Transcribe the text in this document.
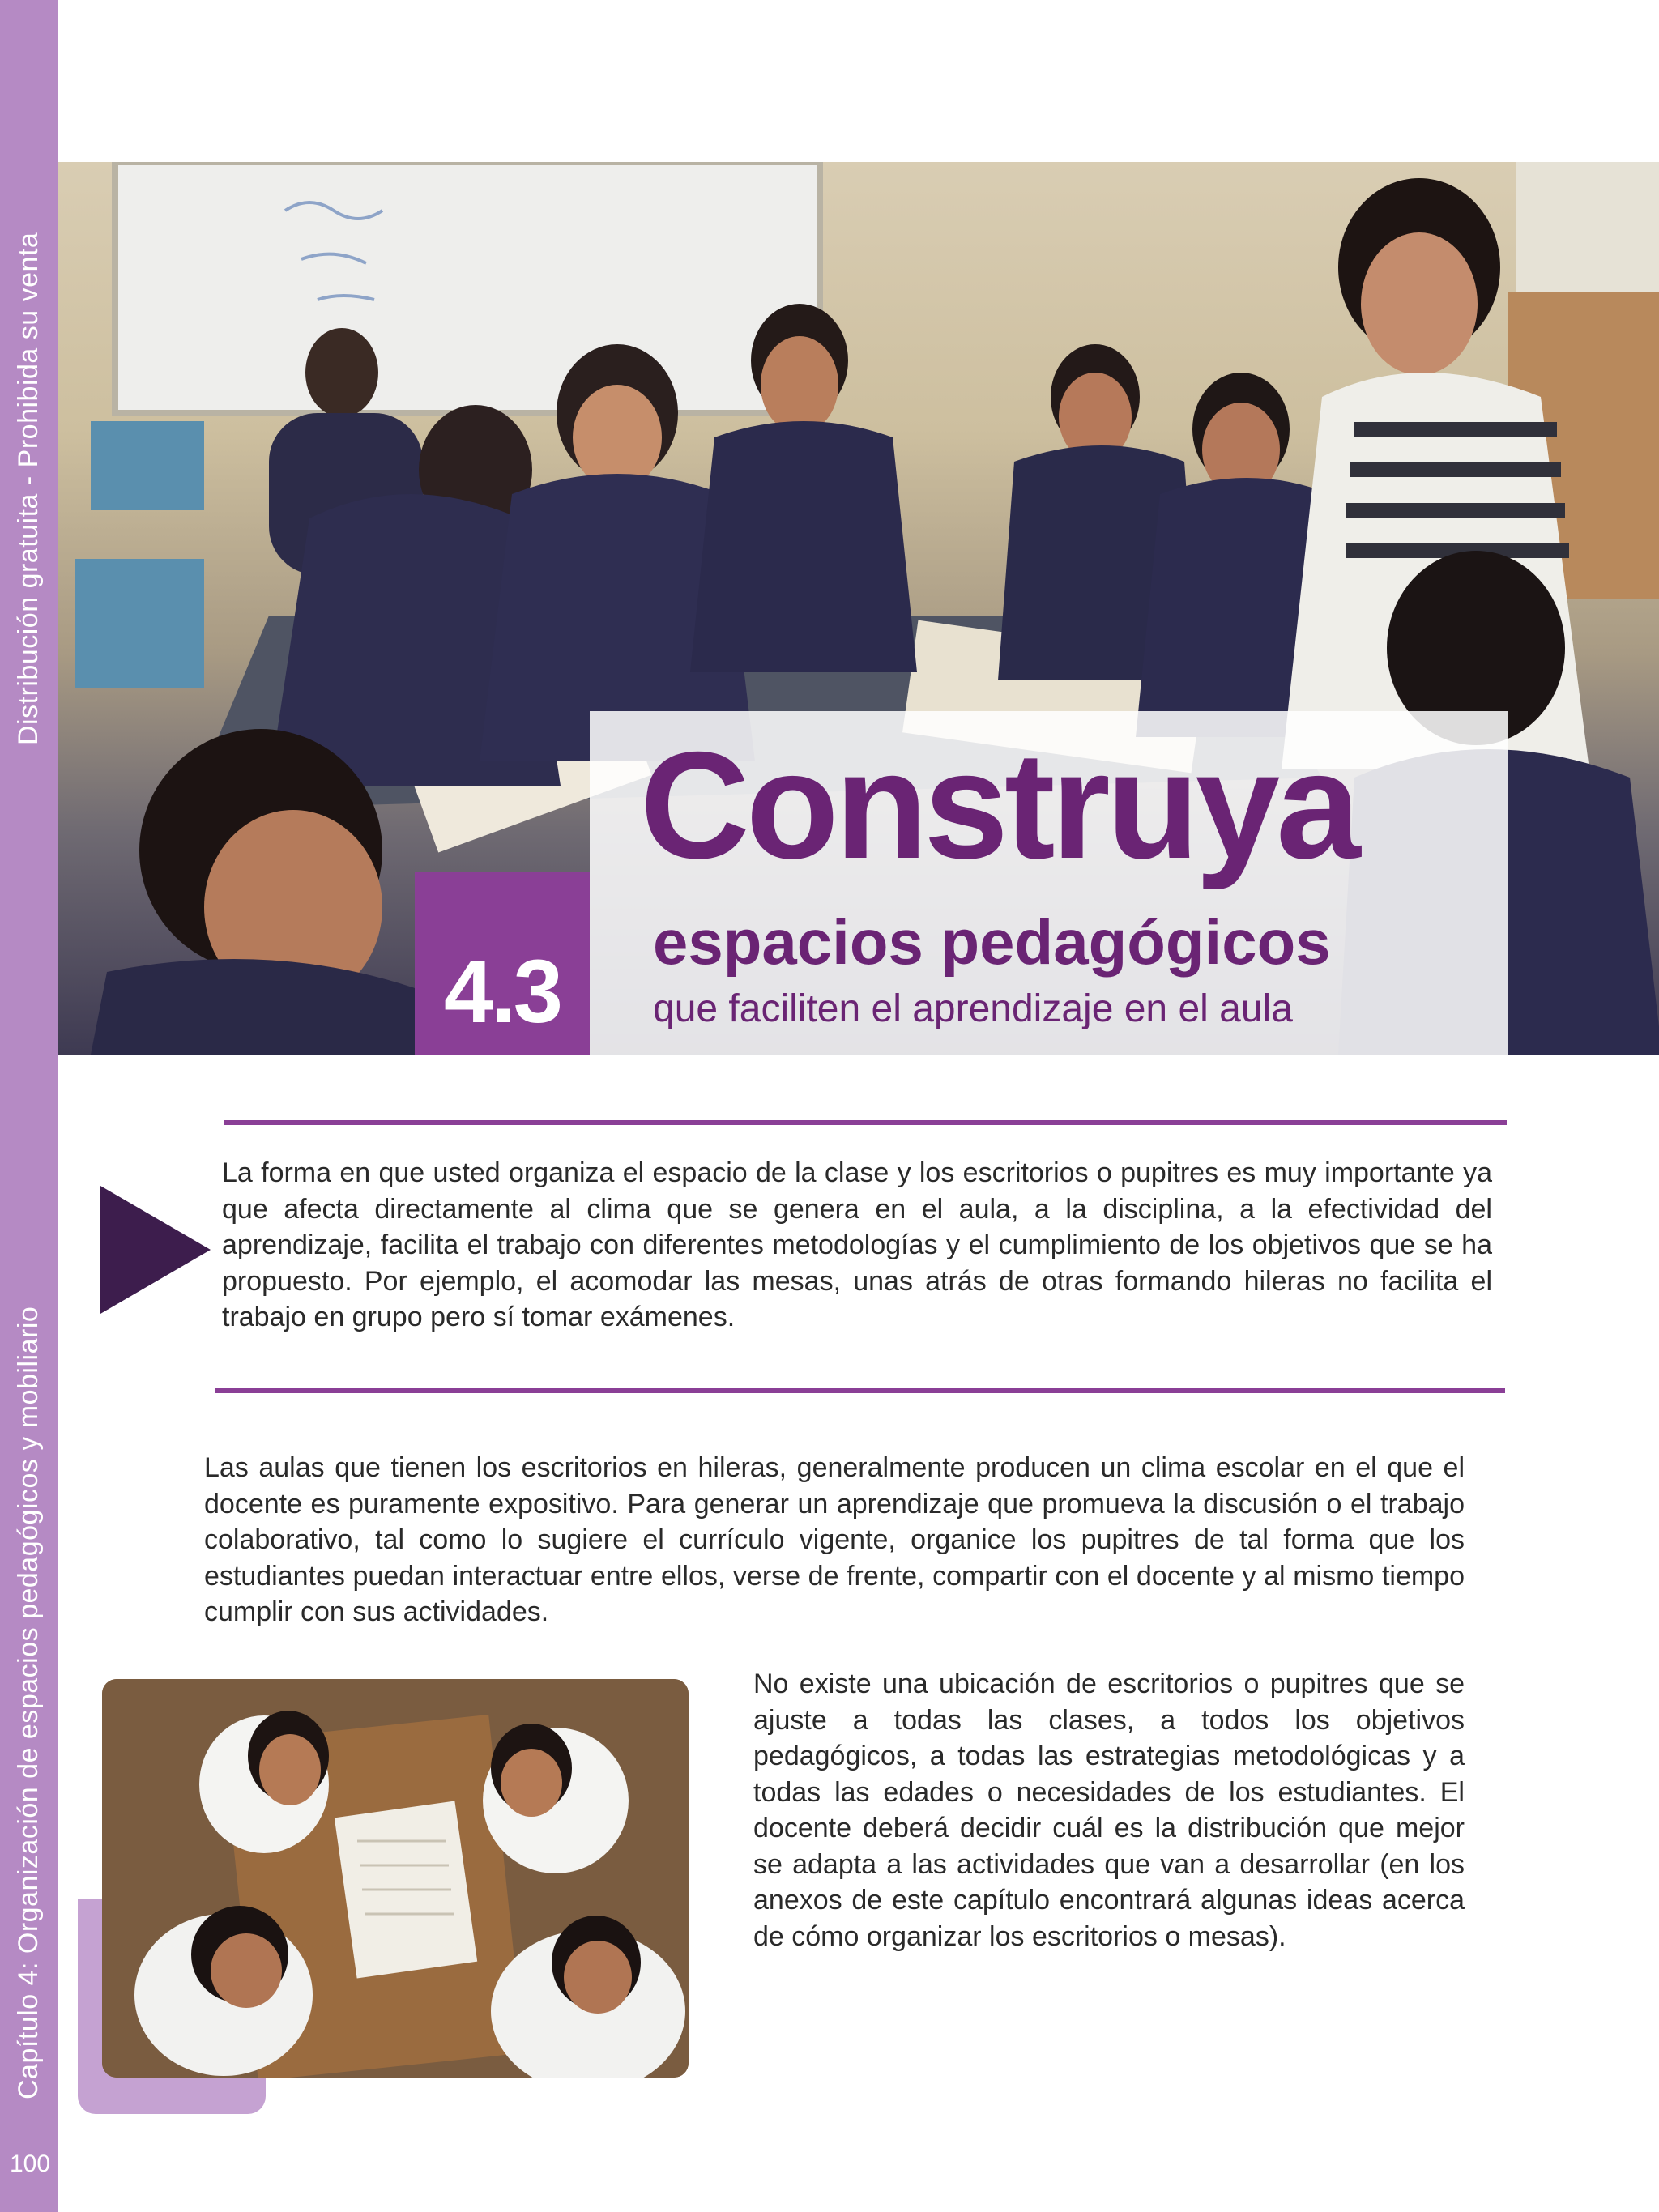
Distribución gratuita - Prohibida su venta
Capítulo 4: Organización de espacios pedagógicos y mobiliario
100
Construya
espacios pedagógicos
que faciliten el aprendizaje en el aula
4.3
La forma en que usted organiza el espacio de la clase y los escritorios o pupitres es muy importante ya que afecta directamente al clima que se genera en el aula, a la disciplina, a la efectividad del aprendizaje, facilita el trabajo con diferentes metodologías y el cumplimiento de los objetivos que se ha propuesto. Por ejemplo, el acomodar las mesas, unas atrás de otras formando hileras no facilita el trabajo en grupo pero sí tomar exámenes.
Las aulas que tienen los escritorios en hileras, generalmente producen un clima escolar en el que el docente es puramente expositivo. Para generar un aprendizaje que promueva la discusión o el trabajo colaborativo, tal como lo sugiere el currículo vigente, organice los pupitres de tal forma que los estudiantes puedan interactuar entre ellos, verse de frente, compartir con el docente y al mismo tiempo cumplir con sus actividades.
No existe una ubicación de escritorios o pupitres que se ajuste a todas las clases, a todos los objetivos pedagógicos, a todas las estrategias metodológicas y a todas las edades o necesidades de los estudiantes. El docente deberá decidir cuál es la distribución que mejor se adapta a las actividades que van a desarrollar (en los anexos de este capítulo encontrará algunas ideas acerca de cómo organizar los escritorios o mesas).
